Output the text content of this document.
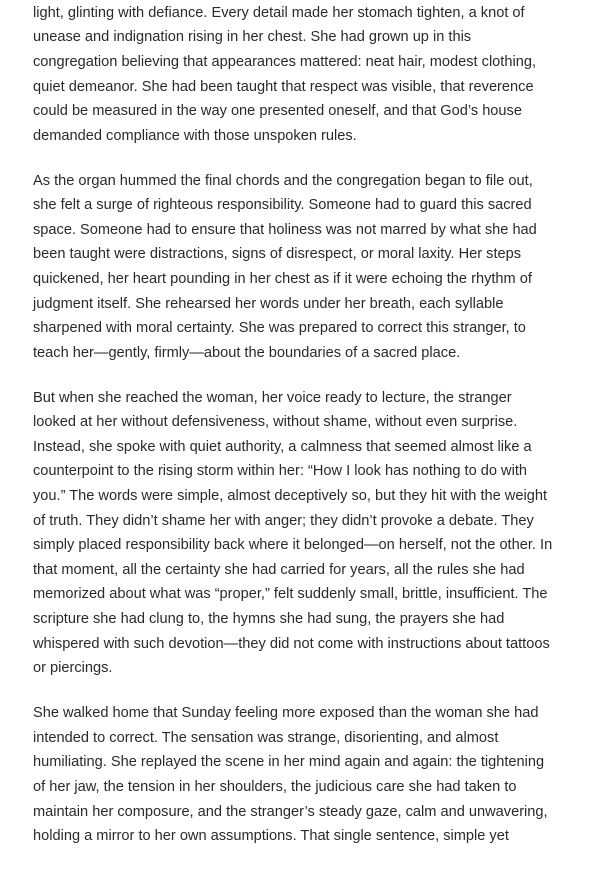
light, glinting with defiance. Every detail made her stomach tighten, a knot of
unease and indignation rising in her chest. She had grown up in this
congregation believing that appearances mattered: neat hair, modest clothing,
quiet demeanor. She had been taught that respect was visible, that reverence
could be measured in the way one presented oneself, and that God’s house
demanded compliance with those unspoken rules.

As the organ hummed the final chords and the congregation began to file out,
she felt a surge of righteous responsibility. Someone had to guard this sacred
space. Someone had to ensure that holiness was not marred by what she had
been taught were distractions, signs of disrespect, or moral laxity. Her steps
quickened, her heart pounding in her chest as if it were echoing the rhythm of
judgment itself. She rehearsed her words under her breath, each syllable
sharpened with moral certainty. She was prepared to correct this stranger, to
teach her—gently, firmly—about the boundaries of a sacred place.

But when she reached the woman, her voice ready to lecture, the stranger
looked at her without defensiveness, without shame, without even surprise.
Instead, she spoke with quiet authority, a calmness that seemed almost like a
counterpoint to the rising storm within her: “How I look has nothing to do with
you.” The words were simple, almost deceptively so, but they hit with the weight
of truth. They didn’t shame her with anger; they didn’t provoke a debate. They
simply placed responsibility back where it belonged—on herself, not the other. In
that moment, all the certainty she had carried for years, all the rules she had
memorized about what was “proper,” felt suddenly small, brittle, insufficient. The
scripture she had clung to, the hymns she had sung, the prayers she had
whispered with such devotion—they did not come with instructions about tattoos
or piercings.

She walked home that Sunday feeling more exposed than the woman she had
intended to correct. The sensation was strange, disorienting, and almost
humiliating. She replayed the scene in her mind again and again: the tightening
of her jaw, the tension in her shoulders, the judicious care she had taken to
maintain her composure, and the stranger’s steady gaze, calm and unwavering,
holding a mirror to her own assumptions. That single sentence, simple yet
